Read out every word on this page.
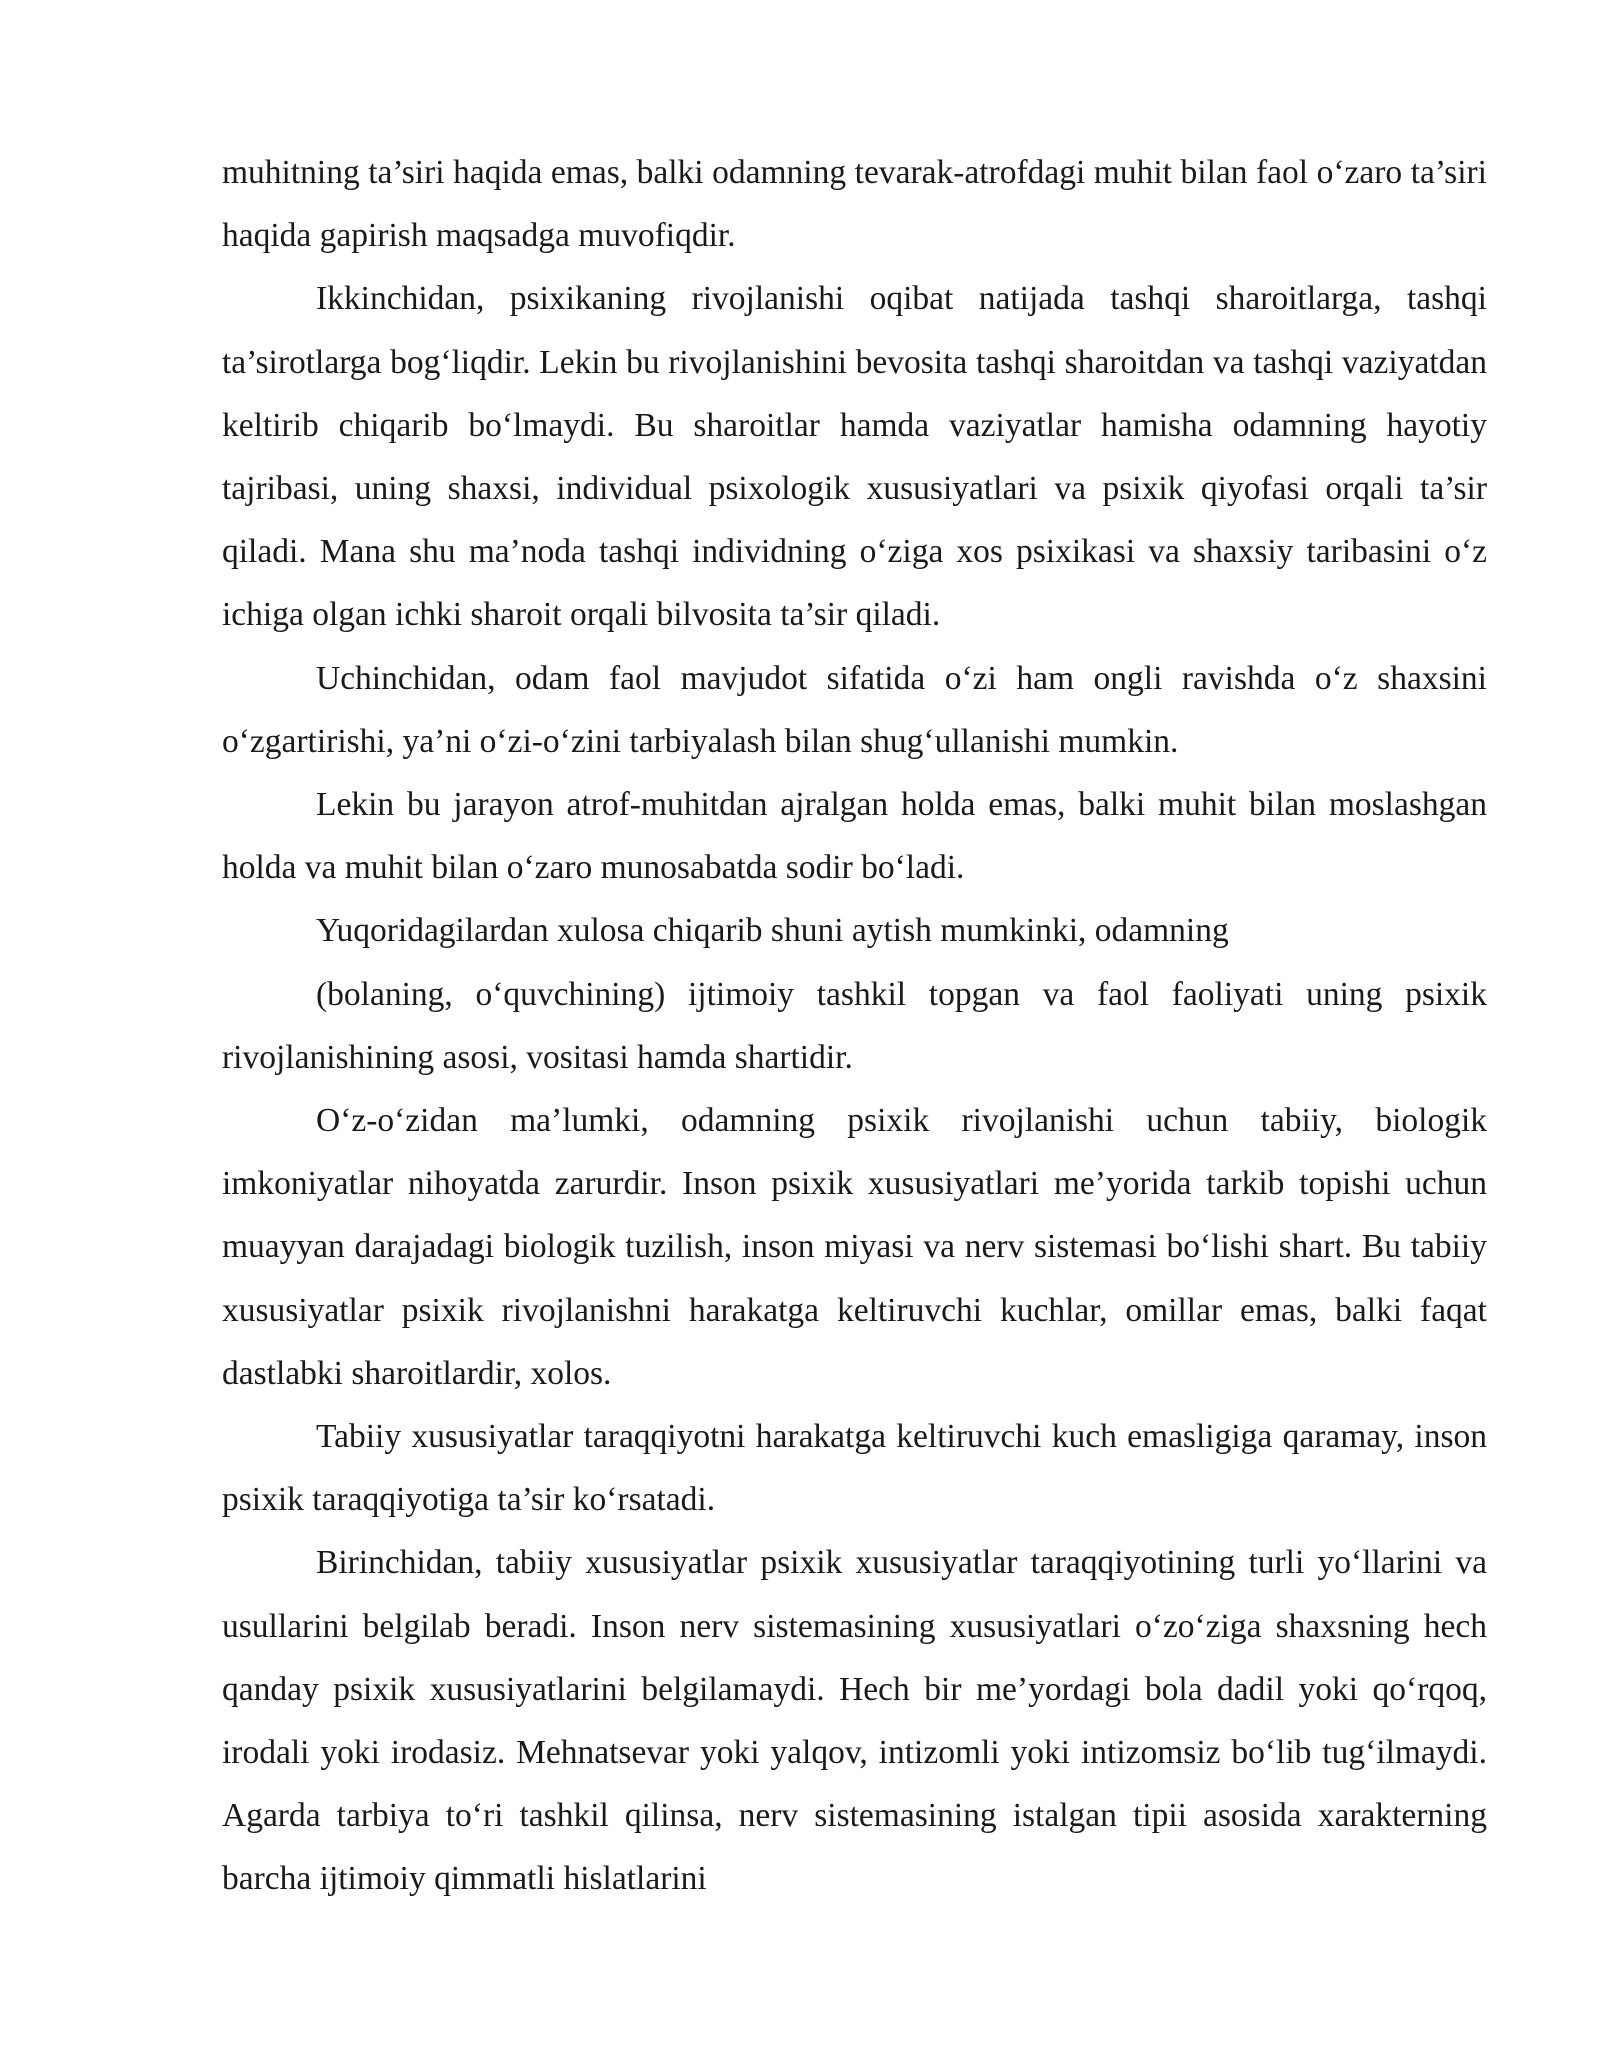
muhitning ta’siri haqida emas, balki odamning tevarak-atrofdagi muhit bilan faol o‘zaro ta’siri haqida gapirish maqsadga muvofiqdir.

Ikkinchidan, psixikaning rivojlanishi oqibat natijada tashqi sharoitlarga, tashqi ta’sirotlarga bog‘liqdir. Lekin bu rivojlanishini bevosita tashqi sharoitdan va tashqi vaziyatdan keltirib chiqarib bo‘lmaydi. Bu sharoitlar hamda vaziyatlar hamisha odamning hayotiy tajribasi, uning shaxsi, individual psixologik xususiyatlari va psixik qiyofasi orqali ta’sir qiladi. Mana shu ma’noda tashqi individning o‘ziga xos psixikasi va shaxsiy taribasini o‘z ichiga olgan ichki sharoit orqali bilvosita ta’sir qiladi.

Uchinchidan, odam faol mavjudot sifatida o‘zi ham ongli ravishda o‘z shaxsini o‘zgartirishi, ya’ni o‘zi-o‘zini tarbiyalash bilan shug‘ullanishi mumkin.

Lekin bu jarayon atrof-muhitdan ajralgan holda emas, balki muhit bilan moslashgan holda va muhit bilan o‘zaro munosabatda sodir bo‘ladi.

Yuqoridagilardan xulosa chiqarib shuni aytish mumkinki, odamning

(bolaning, o‘quvchining) ijtimoiy tashkil topgan va faol faoliyati uning psixik rivojlanishining asosi, vositasi hamda shartidir.

O‘z-o‘zidan ma’lumki, odamning psixik rivojlanishi uchun tabiiy, biologik imkoniyatlar nihoyatda zarurdir. Inson psixik xususiyatlari me’yorida tarkib topishi uchun muayyan darajadagi biologik tuzilish, inson miyasi va nerv sistemasi bo‘lishi shart. Bu tabiiy xususiyatlar psixik rivojlanishni harakatga keltiruvchi kuchlar, omillar emas, balki faqat dastlabki sharoitlardir, xolos.

Tabiiy xususiyatlar taraqqiyotni harakatga keltiruvchi kuch emasligiga qaramay, inson psixik taraqqiyotiga ta’sir ko‘rsatadi.

Birinchidan, tabiiy xususiyatlar psixik xususiyatlar taraqqiyotining turli yo‘llarini va usullarini belgilab beradi. Inson nerv sistemasining xususiyatlari o‘zo‘ziga shaxsning hech qanday psixik xususiyatlarini belgilamaydi. Hech bir me’yordagi bola dadil yoki qo‘rqoq, irodali yoki irodasiz. Mehnatsevar yoki yalqov, intizomli yoki intizomsiz bo‘lib tug‘ilmaydi. Agarda tarbiya to‘ri tashkil qilinsa, nerv sistemasining istalgan tipii asosida xarakterning barcha ijtimoiy qimmatli hislatlarini
